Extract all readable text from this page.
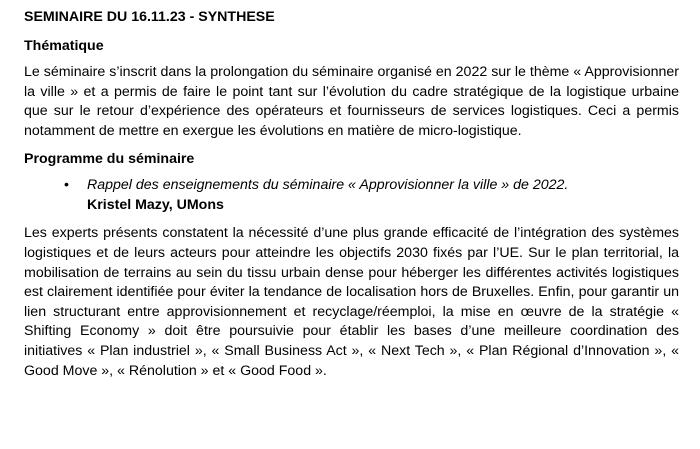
SEMINAIRE DU 16.11.23 - SYNTHESE
Thématique

Le séminaire s’inscrit dans la prolongation du séminaire organisé en 2022 sur le thème « Approvisionner la ville » et a permis de faire le point tant sur l’évolution du cadre stratégique de la logistique urbaine que sur le retour d’expérience des opérateurs et fournisseurs de services logistiques. Ceci a permis notamment de mettre en exergue les évolutions en matière de micro-logistique.

Programme du séminaire
• Rappel des enseignements du séminaire « Approvisionner la ville » de 2022.
Kristel Mazy, UMons

Les experts présents constatent la nécessité d’une plus grande efficacité de l’intégration des systèmes logistiques et de leurs acteurs pour atteindre les objectifs 2030 fixés par l’UE. Sur le plan territorial, la mobilisation de terrains au sein du tissu urbain dense pour héberger les différentes activités logistiques est clairement identifiée pour éviter la tendance de localisation hors de Bruxelles. Enfin, pour garantir un lien structurant entre approvisionnement et recyclage/réemploi, la mise en œuvre de la stratégie « Shifting Economy » doit être poursuivie pour établir les bases d’une meilleure coordination des initiatives « Plan industriel », « Small Business Act », « Next Tech », « Plan Régional d’Innovation », « Good Move », « Rénolution » et « Good Food ».
